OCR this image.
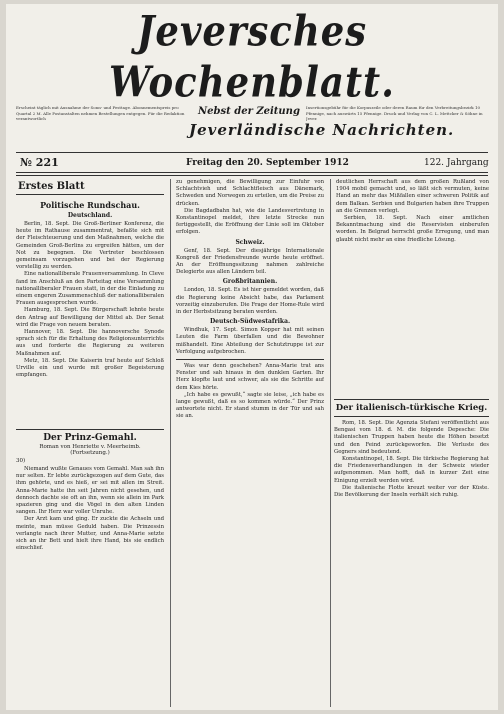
Jeversches Wochenblatt.
Erscheint täglich mit Ausnahme der Sonn- und Festtage. Abonnementspreis pro Quartal 2 M. Alle Postanstalten nehmen Bestellungen entgegen. Für die Redaktion verantwortlich
Nebst der Zeitung Insertionsgebühr für die Korpuszeile oder deren Raum für den Verbreitungsbezirk 10 Pfennige, nach auswärts 15 Pfennige. Druck und Verlag von C. L. Mettcker & Söhne in Jever.
Jeverländische Nachrichten.
№ 221	Freitag den 20. September 1912	122. Jahrgang
Erstes Blatt
Politische Rundschau.
Deutschland.

Berlin, 18. Sept. Die Groß-Berliner Konferenz, die heute im Rathause zusammentrat, befaßte sich mit der Fleischteuerung und den Maßnahmen, welche die Gemeinden Groß-Berlins zu ergreifen hätten, um der Not zu begegnen. Die Vertreter beschlossen gemeinsam vorzugehen und bei der Regierung vorstellig zu werden.

Eine nationalliberale Frauenversammlung. In Cleve fand im Anschluß an den Parteitag eine Versammlung nationalliberaler Frauen statt, in der die Einladung zu einem engeren Zusammenschluß der nationalliberalen Frauen ausgesprochen wurde.

Hamburg, 18. Sept. Die Bürgerschaft lehnte heute den Antrag auf Bewilligung der Mittel ab. Der Senat wird die Frage von neuem beraten.

Hannover, 18. Sept. Die hannoversche Synode sprach sich für die Erhaltung des Religionsunterrichts aus und forderte die Regierung zu weiteren Maßnahmen auf.

Metz, 18. Sept. Die Kaiserin traf heute auf Schloß Urville ein und wurde mit großer Begeisterung empfangen.

Der Prinz-Gemahl.
Roman von Henriette v. Meerheimb.
(Fortsetzung.)
30)

Niemand wußte Genaues vom Gemahl. Man sah ihn nur selten. Er lebte zurückgezogen auf dem Gute, das ihm gehörte, und es hieß, er sei mit allen im Streit. Anna-Marie hatte ihn seit Jahren nicht gesehen, und dennoch dachte sie oft an ihn, wenn sie allein im Park spazieren ging und die Vögel in den alten Linden sangen. Ihr Herz war voller Unruhe.

Der Arzt kam und ging. Er zuckte die Achseln und meinte, man müsse Geduld haben. Die Prinzessin verlangte nach ihrer Mutter, und Anna-Marie setzte sich an ihr Bett und hielt ihre Hand, bis sie endlich einschlief.

zu genehmigen, die Bewilligung zur Einfuhr von Schlachtvieh und Schlachtfleisch aus Dänemark, Schweden und Norwegen zu erteilen, um die Preise zu drücken.

Die Bagdadbahn hat, wie die Landesvertretung in Konstantinopel meldet, ihre letzte Strecke nun fertiggestellt, die Eröffnung der Linie soll im Oktober erfolgen.

Schweiz.

Genf, 18. Sept. Der diesjährige Internationale Kongreß der Friedensfreunde wurde heute eröffnet. An der Eröffnungssitzung nahmen zahlreiche Delegierte aus allen Ländern teil.

Großbritannien.

London, 18. Sept. Es ist hier gemeldet worden, daß die Regierung keine Absicht habe, das Parlament vorzeitig einzuberufen. Die Frage der Home-Rule wird in der Herbstsitzung beraten werden.

Deutsch-Südwestafrika.

Windhuk, 17. Sept. Simon Kopper hat mit seinen Leuten die Farm überfallen und die Bewohner mißhandelt. Eine Abteilung der Schutztruppe ist zur Verfolgung aufgebrochen.

Was war denn geschehen? Anna-Marie trat ans Fenster und sah hinaus in den dunklen Garten. Ihr Herz klopfte laut und schwer, als sie die Schritte auf dem Kies hörte.

„Ich habe es gewußt,“ sagte sie leise, „ich habe es lange gewußt, daß es so kommen würde.“ Der Prinz antwortete nicht. Er stand stumm in der Tür und sah sie an.

deutlichen Herrschaft aus dem großen Rußland von 1904 mobil gemacht und, so läßt sich vermuten, keine Hand an mehr das Mißfallen einer schweren Politik auf dem Balkan. Serbien und Bulgarien haben ihre Truppen an die Grenzen verlegt.

Serbien, 18. Sept. Nach einer amtlichen Bekanntmachung sind die Reservisten einberufen worden. In Belgrad herrscht große Erregung, und man glaubt nicht mehr an eine friedliche Lösung.

Der italienisch-türkische Krieg.

Rom, 18. Sept. Die Agenzia Stefani veröffentlicht aus Bengasi vom 18. d. M. die folgende Depesche: Die italienischen Truppen haben heute die Höhen besetzt und den Feind zurückgeworfen. Die Verluste des Gegners sind bedeutend.

Konstantinopel, 18. Sept. Die türkische Regierung hat die Friedensverhandlungen in der Schweiz wieder aufgenommen. Man hofft, daß in kurzer Zeit eine Einigung erzielt werden wird.

Die italienische Flotte kreuzt weiter vor der Küste. Die Bevölkerung der Inseln verhält sich ruhig.
